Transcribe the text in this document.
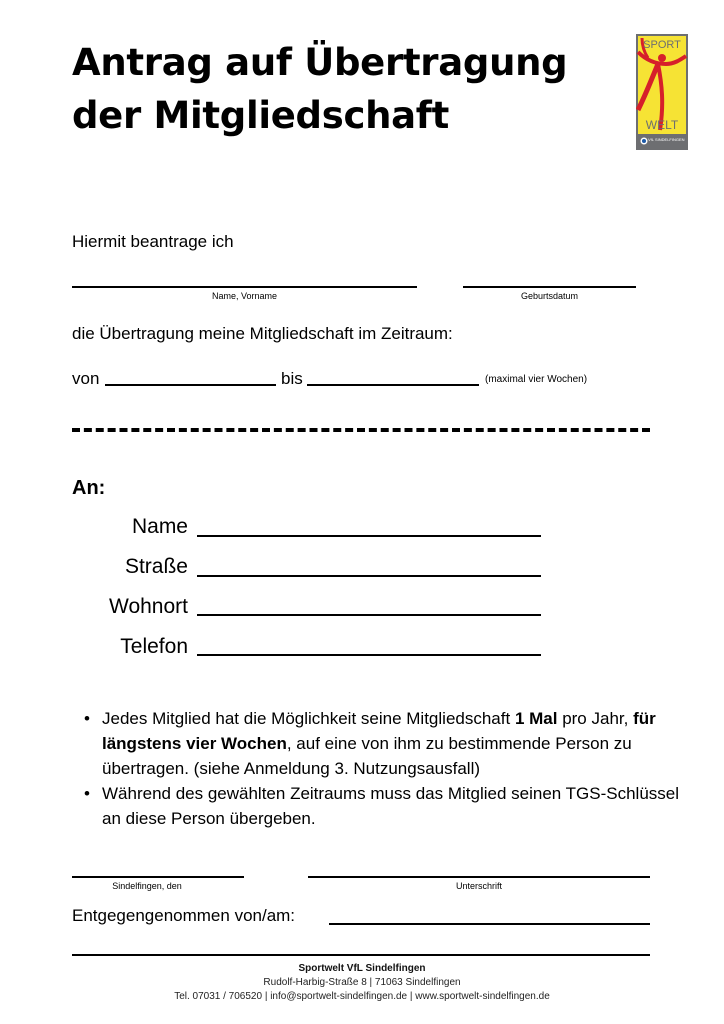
Antrag auf Übertragung
der Mitgliedschaft
SPORT
WELT
VfL SINDELFINGEN
Hiermit beantrage ich
Name, Vorname	Geburtsdatum
die Übertragung meine Mitgliedschaft im Zeitraum:
von	bis	(maximal vier Wochen)
An:
Name
Straße
Wohnort
Telefon

• Jedes Mitglied hat die Möglichkeit seine Mitgliedschaft 1 Mal pro Jahr, für längstens vier Wochen, auf eine von ihm zu bestimmende Person zu übertragen. (siehe Anmeldung 3. Nutzungsausfall)

• Während des gewählten Zeitraums muss das Mitglied seinen TGS-Schlüssel an diese Person übergeben.

Sindelfingen, den	Unterschrift
Entgegengenommen von/am:
Sportwelt VfL Sindelfingen
Rudolf-Harbig-Straße 8 | 71063 Sindelfingen
Tel. 07031 / 706520 | info@sportwelt-sindelfingen.de | www.sportwelt-sindelfingen.de
